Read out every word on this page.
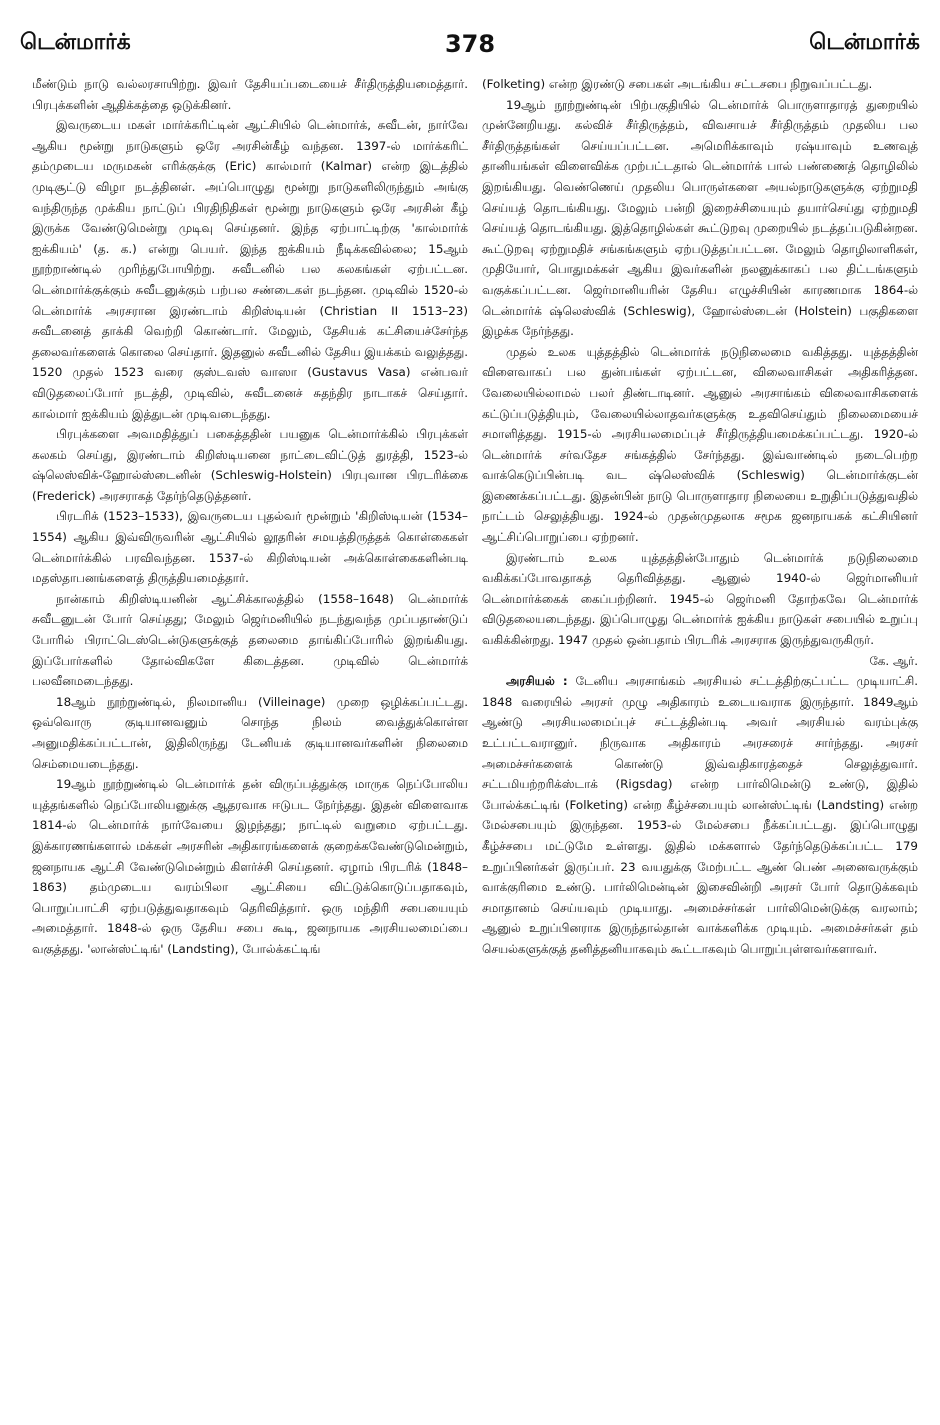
டென்மார்க்	378	டென்மார்க்

மீண்டும் நாடு வல்லரசாயிற்று. இவர் தேசியப்படையைச் சீர்திருத்தியமைத்தார். பிரபுக்களின் ஆதிக்கத்தை ஒடுக்கினர்.

இவருடைய மகள் மார்க்கரிட்டின் ஆட்சியில் டென்மார்க், சுவீடன், நார்வே ஆகிய மூன்று நாடுகளும் ஒரே அரசின்கீழ் வந்தன. 1397-ல் மார்க்கரிட் தம்முடைய மருமகன் எரிக்குக்கு (Eric) கால்மார் (Kalmar) என்ற இடத்தில் முடிசூட்டு விழா நடத்தினள். அப்பொழுது மூன்று நாடுகளிலிருந்தும் அங்கு வந்திருந்த முக்கிய நாட்டுப் பிரதிநிதிகள் மூன்று நாடுகளும் ஒரே அரசின் கீழ் இருக்க வேண்டுமென்று முடிவு செய்தனர். இந்த ஏற்பாட்டிற்கு 'கால்மார்க் ஐக்கியம்' (த. க.) என்று பெயர். இந்த ஐக்கியம் நீடிக்கவில்லை; 15ஆம் நூற்றாண்டில் முரிந்துபோயிற்று. சுவீடனில் பல கலகங்கள் ஏற்பட்டன. டென்மார்க்குக்கும் சுவீடனுக்கும் பற்பல சண்டைகள் நடந்தன. முடிவில் 1520-ல் டென்மார்க் அரசரான இரண்டாம் கிறிஸ்டியன் (Christian II 1513–23) சுவீடனைத் தாக்கி வெற்றி கொண்டார். மேலும், தேசியக் கட்சியைச்சேர்ந்த தலைவர்களைக் கொலை செய்தார். இதனுல் சுவீடனில் தேசிய இயக்கம் வலுத்தது. 1520 முதல் 1523 வரை குஸ்டவஸ் வாஸா (Gustavus Vasa) என்பவர் விடுதலைப்போர் நடத்தி, முடிவில், சுவீடனைச் சுதந்திர நாடாகச் செய்தார். கால்மார் ஐக்கியம் இத்துடன் முடிவடைந்தது.

பிரபுக்களை அவமதித்துப் பகைத்ததின் பயனுக டென்மார்க்கில் பிரபுக்கள் கலகம் செய்து, இரண்டாம் கிறிஸ்டியனை நாட்டைவிட்டுத் துரத்தி, 1523-ல் ஷ்லெஸ்விக்-ஹோல்ஸ்டைனின் (Schleswig-Holstein) பிரபுவான பிரடரிக்கை (Frederick) அரசராகத் தேர்ந்தெடுத்தனர்.

பிரடரிக் (1523–1533), இவருடைய புதல்வர் மூன்றும் 'கிறிஸ்டியன் (1534–1554) ஆகிய இவ்விருவரின் ஆட்சியில் லூதரின் சமயத்திருத்தக் கொள்கைகள் டென்மார்க்கில் பரவிவந்தன. 1537-ல் கிறிஸ்டியன் அக்கொள்கைகளின்படி மதஸ்தாபனங்களைத் திருத்தியமைத்தார்.

நான்காம் கிறிஸ்டியனின் ஆட்சிக்காலத்தில் (1558–1648) டென்மார்க் சுவீடனுடன் போர் செய்தது; மேலும் ஜெர்மனியில் நடந்துவந்த முப்பதாண்டுப் போரில் பிராட்டெஸ்டென்டுகளுக்குத் தலைமை தாங்கிப்போரில் இறங்கியது. இப்போர்களில் தோல்விகளே கிடைத்தன. முடிவில் டென்மார்க் பலவீனமடைந்தது.

18ஆம் நூற்றுண்டில், நிலமானிய (Villeinage) முறை ஒழிக்கப்பட்டது. ஒவ்வொரு குடியானவனும் சொந்த நிலம் வைத்துக்கொள்ள அனுமதிக்கப்பட்டான், இதிலிருந்து டேனியக் குடியானவர்களின் நிலைமை செம்மையடைந்தது.

19ஆம் நூற்றுண்டில் டென்மார்க் தன் விருப்பத்துக்கு மாருக நெப்போலிய யுத்தங்களில் நெப்போலியனுக்கு ஆதரவாக ஈடுபட நேர்ந்தது. இதன் விளைவாக 1814-ல் டென்மார்க் நார்வேயை இழந்தது; நாட்டில் வறுமை ஏற்பட்டது. இக்காரணங்களால் மக்கள் அரசரின் அதிகாரங்களைக் குறைக்கவேண்டுமென்றும், ஜனநாயக ஆட்சி வேண்டுமென்றும் கிளர்ச்சி செய்தனர். ஏழாம் பிரடரிக் (1848–1863) தம்முடைய வரம்பிலா ஆட்சியை விட்டுக்கொடுப்பதாகவும், பொறுப்பாட்சி ஏற்படுத்துவதாகவும் தெரிவித்தார். ஒரு மந்திரி சபையையும் அமைத்தார். 1848-ல் ஒரு தேசிய சபை கூடி, ஜனநாயக அரசியலமைப்பை வகுத்தது. 'லான்ஸ்ட்டிங்' (Landsting), போல்க்கட்டிங்

(Folketing) என்ற இரண்டு சபைகள் அடங்கிய சட்டசபை நிறுவப்பட்டது.

19ஆம் நூற்றுண்டின் பிற்பகுதியில் டென்மார்க் பொருளாதாரத் துறையில் முன்னேறியது. கல்விச் சீர்திருத்தம், விவசாயச் சீர்திருத்தம் முதலிய பல சீர்திருத்தங்கள் செய்யப்பட்டன. அமெரிக்காவும் ரஷ்யாவும் உணவுத் தானியங்கள் விளைவிக்க முற்பட்டதால் டென்மார்க் பால் பண்ணைத் தொழிலில் இறங்கியது. வெண்ணெய் முதலிய பொருள்களை அயல்நாடுகளுக்கு ஏற்றுமதி செய்யத் தொடங்கியது. மேலும் பன்றி இறைச்சியையும் தயார்செய்து ஏற்றுமதி செய்யத் தொடங்கியது. இத்தொழில்கள் கூட்டுறவு முறையில் நடத்தப்படுகின்றன. கூட்டுறவு ஏற்றுமதிச் சங்கங்களும் ஏற்படுத்தப்பட்டன. மேலும் தொழிலாளிகள், முதியோர், பொதுமக்கள் ஆகிய இவர்களின் நலனுக்காகப் பல திட்டங்களும் வகுக்கப்பட்டன. ஜெர்மானியரின் தேசிய எழுச்சியின் காரணமாக 1864-ல் டென்மார்க் ஷ்லெஸ்விக் (Schleswig), ஹோல்ஸ்டைன் (Holstein) பகுதிகளை இழக்க நேர்ந்தது.

முதல் உலக யுத்தத்தில் டென்மார்க் நடுநிலைமை வகித்தது. யுத்தத்தின் விளைவாகப் பல துன்பங்கள் ஏற்பட்டன, விலைவாசிகள் அதிகரித்தன. வேலையில்லாமல் பலர் திண்டாடினர். ஆனுல் அரசாங்கம் விலைவாசிகளைக் கட்டுப்படுத்தியும், வேலையில்லாதவர்களுக்கு உதவிசெய்தும் நிலைமையைச் சமாளித்தது. 1915-ல் அரசியலமைப்புச் சீர்திருத்தியமைக்கப்பட்டது. 1920-ல் டென்மார்க் சர்வதேச சங்கத்தில் சேர்ந்தது. இவ்வாண்டில் நடைபெற்ற வாக்கெடுப்பின்படி வட ஷ்லெஸ்விக் (Schleswig) டென்மார்க்குடன் இணைக்கப்பட்டது. இதன்பின் நாடு பொருளாதார நிலையை உறுதிப்படுத்துவதில் நாட்டம் செலுத்தியது. 1924-ல் முதன்முதலாக சமூக ஜனநாயகக் கட்சியினர் ஆட்சிப்பொறுப்பை ஏற்றனர்.

இரண்டாம் உலக யுத்தத்தின்போதும் டென்மார்க் நடுநிலைமை வகிக்கப்போவதாகத் தெரிவித்தது. ஆனுல் 1940-ல் ஜெர்மானியர் டென்மார்க்கைக் கைப்பற்றினர். 1945-ல் ஜெர்மனி தோற்கவே டென்மார்க் விடுதலையடைந்தது. இப்பொழுது டென்மார்க் ஐக்கிய நாடுகள் சபையில் உறுப்பு வகிக்கின்றது. 1947 முதல் ஒன்பதாம் பிரடரிக் அரசராக இருந்துவருகிருர்.
கே. ஆர்.

அரசியல் : டேனிய அரசாங்கம் அரசியல் சட்டத்திற்குட்பட்ட முடியாட்சி. 1848 வரையில் அரசர் முழு அதிகாரம் உடையவராக இருந்தார். 1849ஆம் ஆண்டு அரசியலமைப்புச் சட்டத்தின்படி அவர் அரசியல் வரம்புக்கு உட்பட்டவரானுர். நிருவாக அதிகாரம் அரசரைச் சார்ந்தது. அரசர் அமைச்சர்களைக் கொண்டு இவ்வதிகாரத்தைச் செலுத்துவார். சட்டமியற்றரிக்ஸ்டாக் (Rigsdag) என்ற பார்லிமென்டு உண்டு, இதில் போல்க்கட்டிங் (Folketing) என்ற கீழ்ச்சபையும் லான்ஸ்ட்டிங் (Landsting) என்ற மேல்சபையும் இருந்தன. 1953-ல் மேல்சபை நீக்கப்பட்டது. இப்பொழுது கீழ்ச்சபை மட்டுமே உள்ளது. இதில் மக்களால் தேர்ந்தெடுக்கப்பட்ட 179 உறுப்பினர்கள் இருப்பர். 23 வயதுக்கு மேற்பட்ட ஆண் பெண் அனைவருக்கும் வாக்குரிமை உண்டு. பார்லிமென்டின் இசைவின்றி அரசர் போர் தொடுக்கவும் சமாதானம் செய்யவும் முடியாது. அமைச்சர்கள் பார்லிமென்டுக்கு வரலாம்; ஆனுல் உறுப்பினராக இருந்தால்தான் வாக்களிக்க முடியும். அமைச்சர்கள் தம் செயல்களுக்குத் தனித்தனியாகவும் கூட்டாகவும் பொறுப்புள்ளவர்களாவர்.
